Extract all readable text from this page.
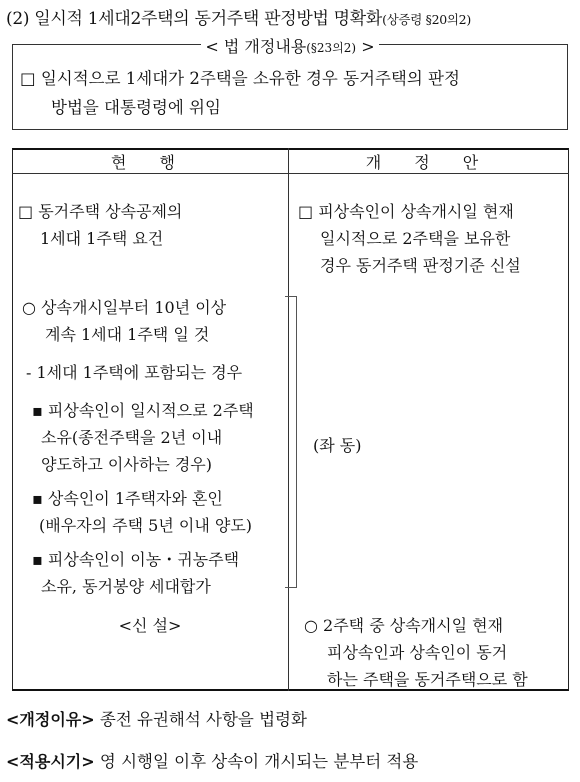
(2) 일시적 1세대2주택의 동거주택 판정방법 명확화(상증령 §20의2)
< 법 개정내용(§23의2) >
□ 일시적으로 1세대가 2주택을 소유한 경우 동거주택의 판정
방법을 대통령령에 위임
현 행	개 정 안
□ 동거주택 상속공제의
1세대 1주택 요건
○ 상속개시일부터 10년 이상
계속 1세대 1주택 일 것
- 1세대 1주택에 포함되는 경우
▪ 피상속인이 일시적으로 2주택
소유(종전주택을 2년 이내
양도하고 이사하는 경우)
▪ 상속인이 1주택자와 혼인
(배우자의 주택 5년 이내 양도)
▪ 피상속인이 이농・귀농주택
소유, 동거봉양 세대합가
<신 설>
□ 피상속인이 상속개시일 현재
일시적으로 2주택을 보유한
경우 동거주택 판정기준 신설
(좌 동)
○ 2주택 중 상속개시일 현재
피상속인과 상속인이 동거
하는 주택을 동거주택으로 함
<개정이유> 종전 유권해석 사항을 법령화
<적용시기> 영 시행일 이후 상속이 개시되는 분부터 적용
